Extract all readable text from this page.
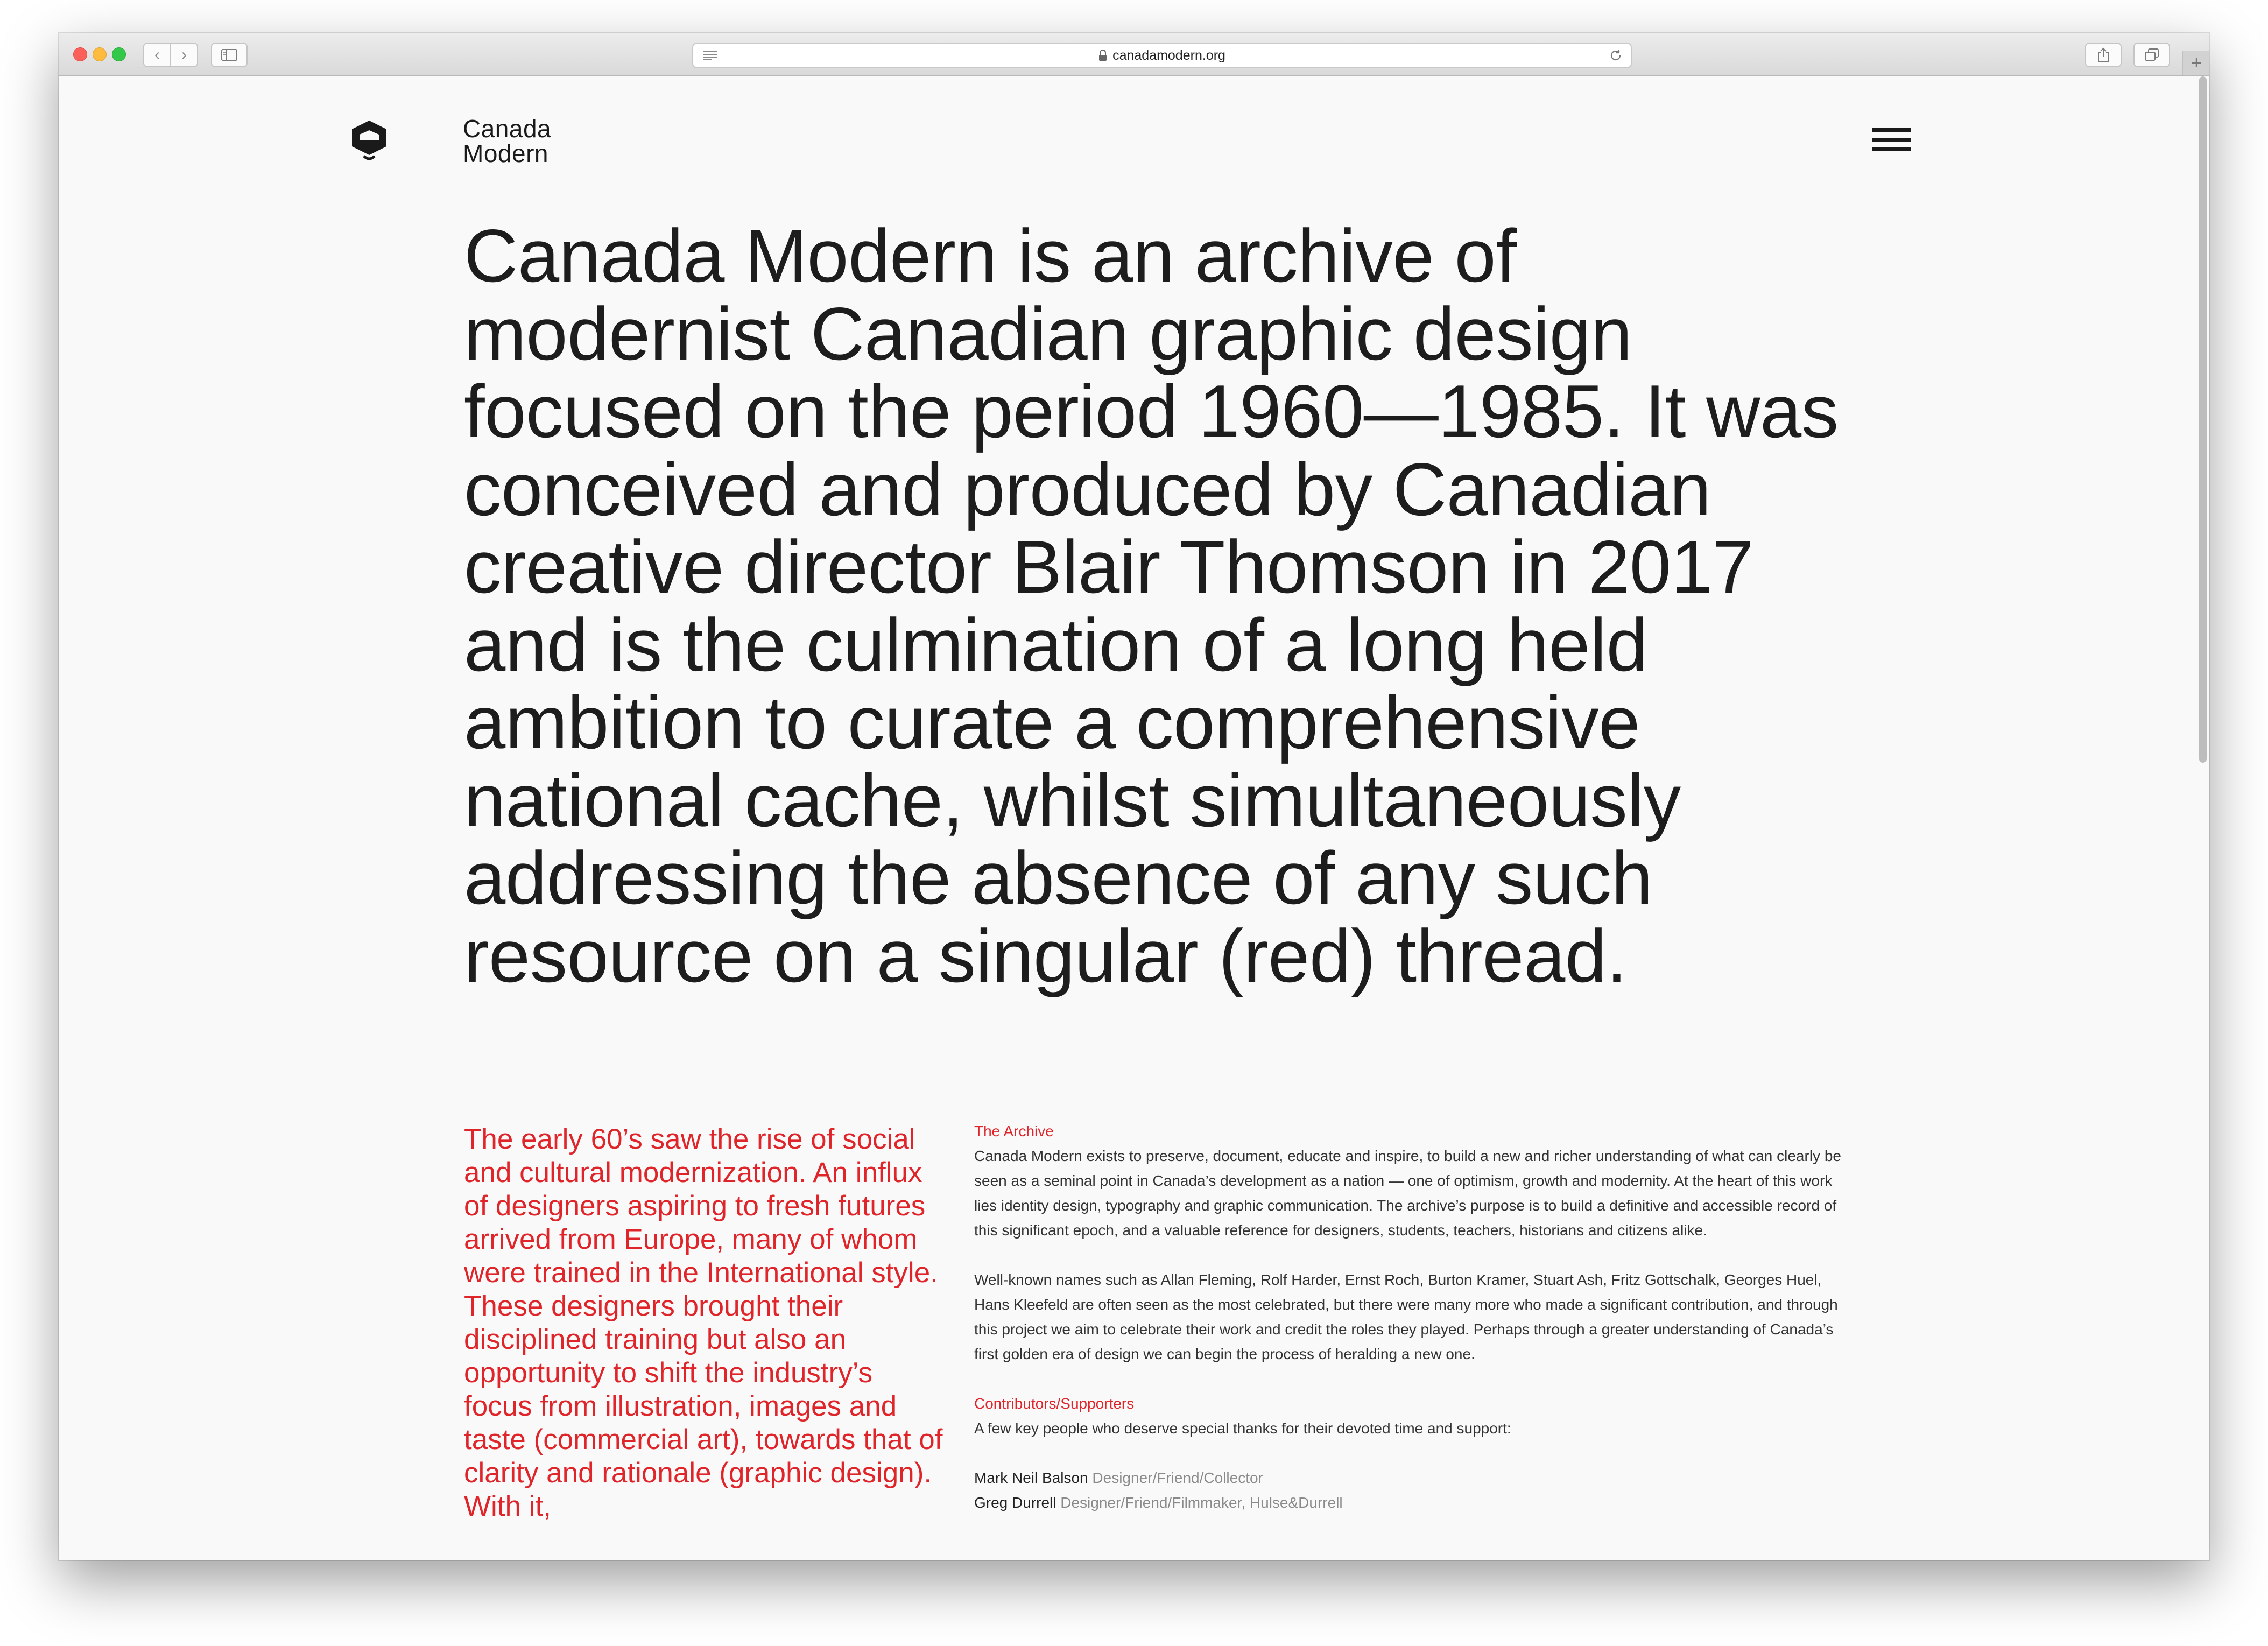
‹ ›	canadamodern.org	+
Canada
Modern
Canada Modern is an archive of modernist Canadian graphic design focused on the period 1960—1985. It was conceived and produced by Canadian creative director Blair Thomson in 2017 and is the culmination of a long held ambition to curate a comprehensive national cache, whilst simultaneously addressing the absence of any such resource on a singular (red) thread.

The early 60’s saw the rise of social and cultural modernization. An influx of designers aspiring to fresh futures arrived from Europe, many of whom were trained in the International style. These designers brought their disciplined training but also an opportunity to shift the industry’s focus from illustration, images and taste (commercial art), towards that of clarity and rationale (graphic design). With it,

The Archive

Canada Modern exists to preserve, document, educate and inspire, to build a new and richer understanding of what can clearly be seen as a seminal point in Canada’s development as a nation — one of optimism, growth and modernity. At the heart of this work lies identity design, typography and graphic communication. The archive’s purpose is to build a definitive and accessible record of this significant epoch, and a valuable reference for designers, students, teachers, historians and citizens alike.

Well-known names such as Allan Fleming, Rolf Harder, Ernst Roch, Burton Kramer, Stuart Ash, Fritz Gottschalk, Georges Huel, Hans Kleefeld are often seen as the most celebrated, but there were many more who made a significant contribution, and through this project we aim to celebrate their work and credit the roles they played. Perhaps through a greater understanding of Canada’s first golden era of design we can begin the process of heralding a new one.

Contributors/Supporters

A few key people who deserve special thanks for their devoted time and support:

Mark Neil Balson Designer/Friend/Collector

Greg Durrell Designer/Friend/Filmmaker, Hulse&Durrell
